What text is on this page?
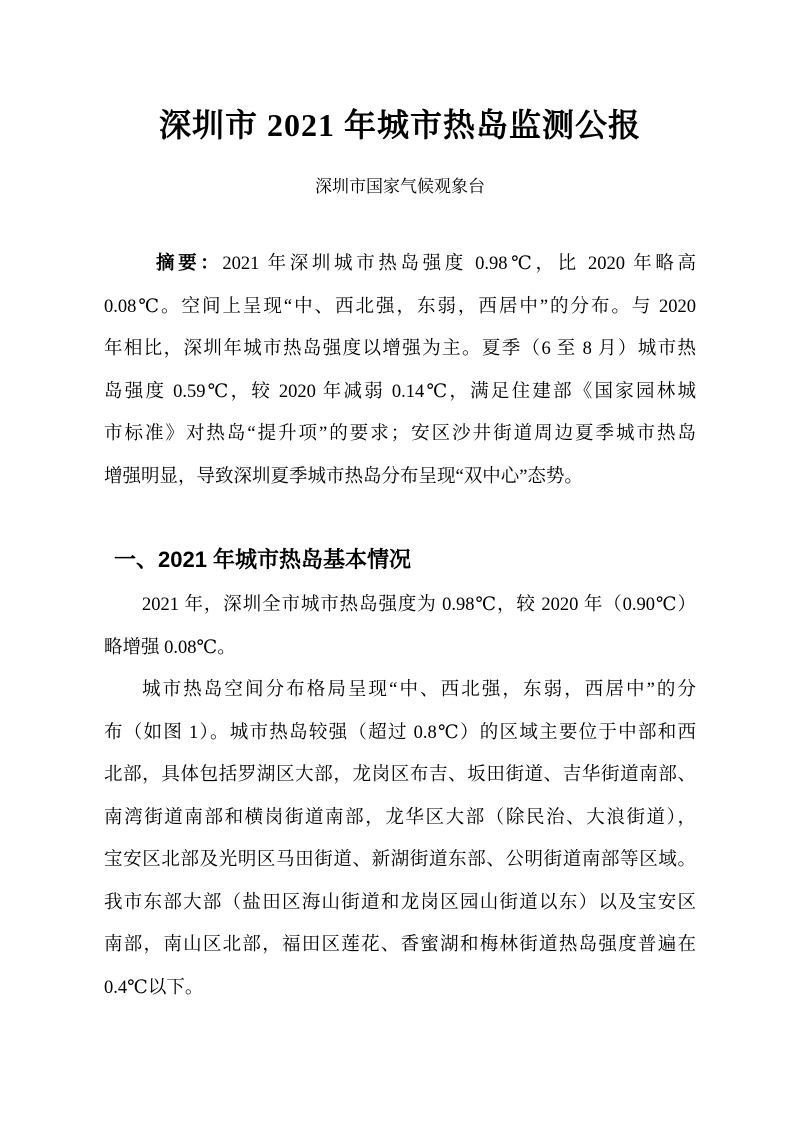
深圳市 2021 年城市热岛监测公报
深圳市国家气候观象台
摘要：2021 年深圳城市热岛强度 0.98℃，比 2020 年略高
0.08℃。空间上呈现“中、西北强，东弱，西居中”的分布。与 2020
年相比，深圳年城市热岛强度以增强为主。夏季（6 至 8 月）城市热
岛强度 0.59℃，较 2020 年减弱 0.14℃，满足住建部《国家园林城
市标准》对热岛“提升项”的要求；安区沙井街道周边夏季城市热岛
增强明显，导致深圳夏季城市热岛分布呈现“双中心”态势。
一、2021 年城市热岛基本情况
2021 年，深圳全市城市热岛强度为 0.98℃，较 2020 年（0.90℃）
略增强 0.08℃。
城市热岛空间分布格局呈现“中、西北强，东弱，西居中”的分
布（如图 1）。城市热岛较强（超过 0.8℃）的区域主要位于中部和西
北部，具体包括罗湖区大部，龙岗区布吉、坂田街道、吉华街道南部、
南湾街道南部和横岗街道南部，龙华区大部（除民治、大浪街道），
宝安区北部及光明区马田街道、新湖街道东部、公明街道南部等区域。
我市东部大部（盐田区海山街道和龙岗区园山街道以东）以及宝安区
南部，南山区北部，福田区莲花、香蜜湖和梅林街道热岛强度普遍在
0.4℃以下。
